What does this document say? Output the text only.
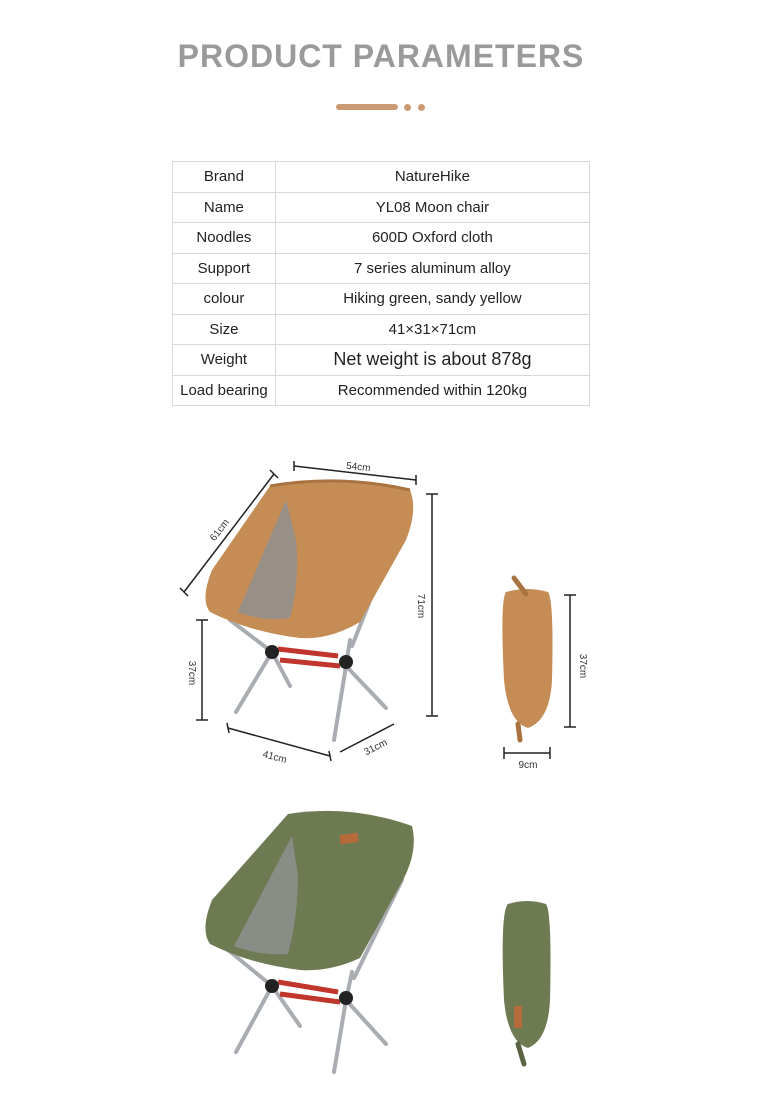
PRODUCT PARAMETERS
Brand	NatureHike
Name	YL08 Moon chair
Noodles	600D Oxford cloth
Support	7 series aluminum alloy
colour	Hiking green, sandy yellow
Size	41×31×71cm
Weight	Net weight is about 878g
Load bearing	Recommended within 120kg
54cm
61cm
71cm
37cm
41cm	31cm
37cm
9cm
